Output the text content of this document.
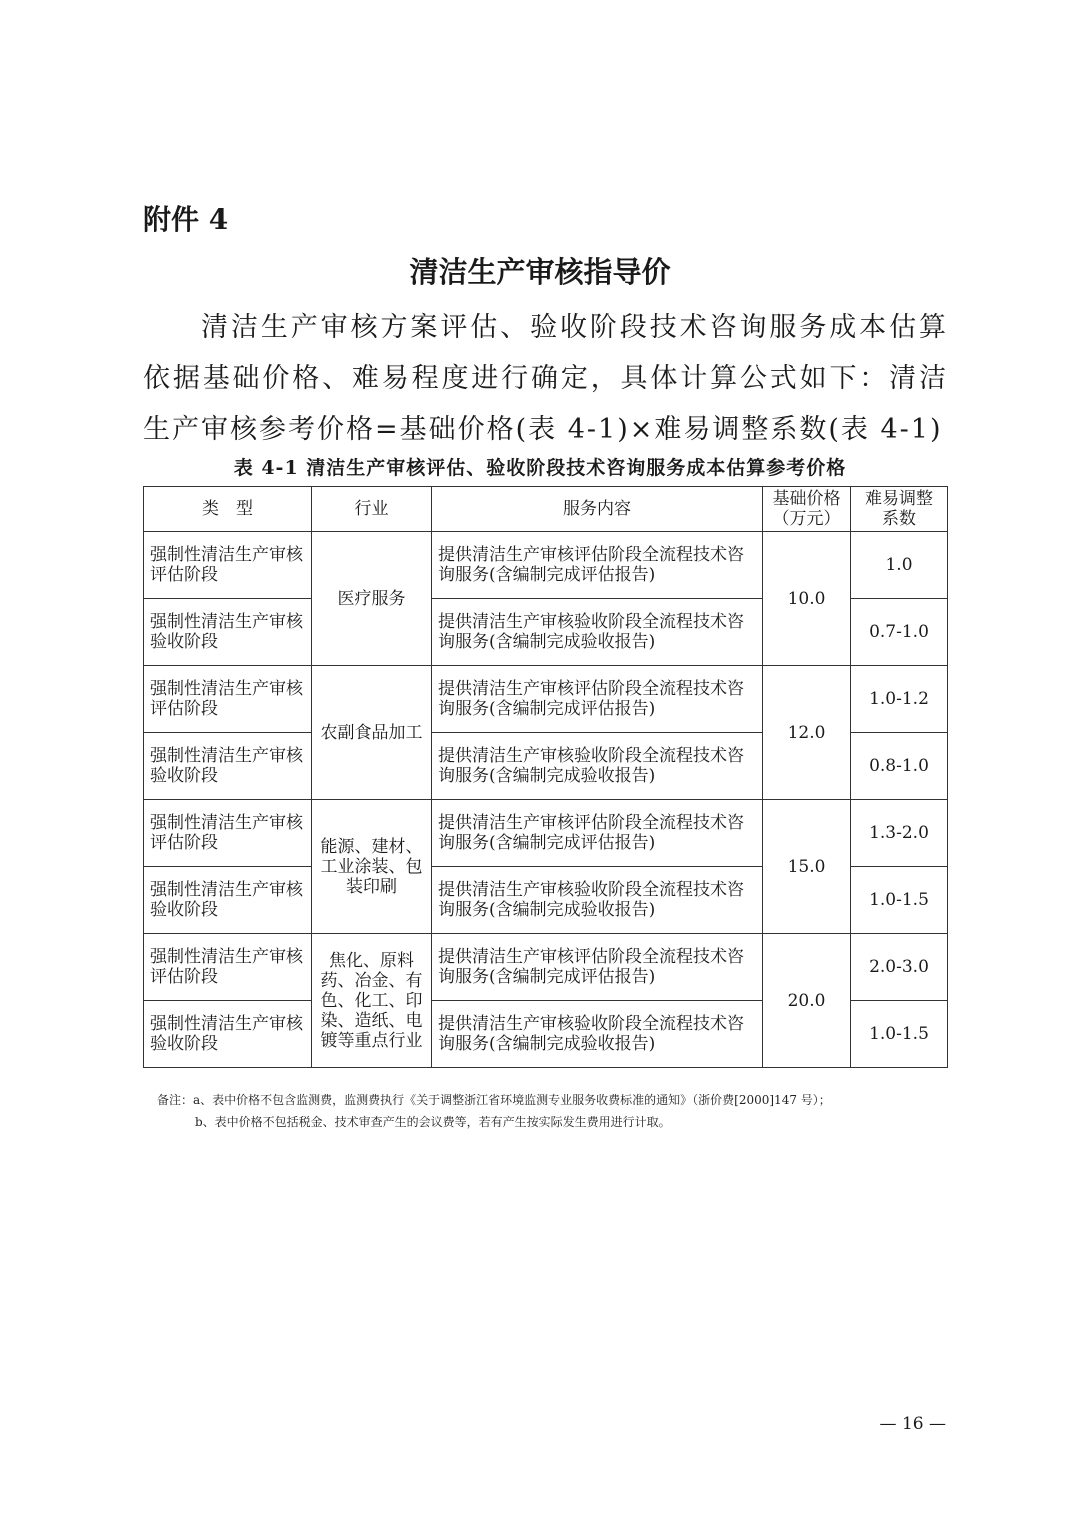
附件 4
清洁生产审核指导价

清洁生产审核方案评估、验收阶段技术咨询服务成本估算依据基础价格、难易程度进行确定，具体计算公式如下：清洁生产审核参考价格=基础价格(表 4-1)×难易调整系数(表 4-1)

表 4-1 清洁生产审核评估、验收阶段技术咨询服务成本估算参考价格
类　型	行业	服务内容	基础价格（万元）	难易调整系数
强制性清洁生产审核评估阶段	医疗服务	提供清洁生产审核评估阶段全流程技术咨询服务(含编制完成评估报告)	10.0	1.0
强制性清洁生产审核验收阶段		提供清洁生产审核验收阶段全流程技术咨询服务(含编制完成验收报告)		0.7-1.0
强制性清洁生产审核评估阶段	农副食品加工	提供清洁生产审核评估阶段全流程技术咨询服务(含编制完成评估报告)	12.0	1.0-1.2
强制性清洁生产审核验收阶段		提供清洁生产审核验收阶段全流程技术咨询服务(含编制完成验收报告)		0.8-1.0
强制性清洁生产审核评估阶段	能源、建材、工业涂装、包装印刷	提供清洁生产审核评估阶段全流程技术咨询服务(含编制完成评估报告)	15.0	1.3-2.0
强制性清洁生产审核验收阶段		提供清洁生产审核验收阶段全流程技术咨询服务(含编制完成验收报告)		1.0-1.5
强制性清洁生产审核评估阶段	焦化、原料药、冶金、有色、化工、印染、造纸、电镀等重点行业	提供清洁生产审核评估阶段全流程技术咨询服务(含编制完成评估报告)	20.0	2.0-3.0
强制性清洁生产审核验收阶段		提供清洁生产审核验收阶段全流程技术咨询服务(含编制完成验收报告)		1.0-1.5
备注：a、表中价格不包含监测费，监测费执行《关于调整浙江省环境监测专业服务收费标准的通知》（浙价费[2000]147 号）；
b、表中价格不包括税金、技术审查产生的会议费等，若有产生按实际发生费用进行计取。
— 16 —
